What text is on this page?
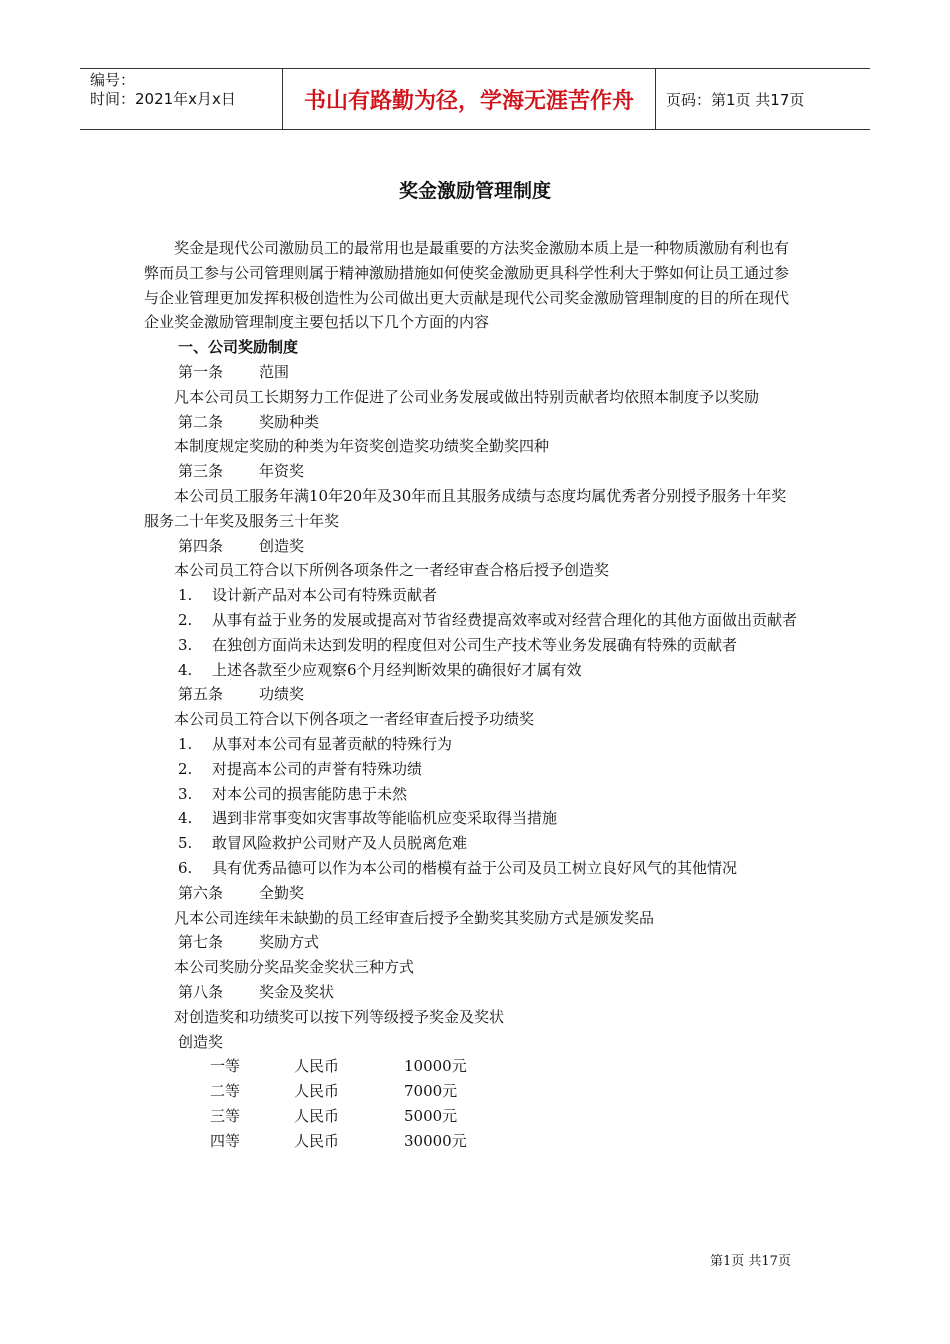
编号：
时间：2021年x月x日	书山有路勤为径，学海无涯苦作舟	页码：第1页 共17页
奖金激励管理制度

奖金是现代公司激励员工的最常用也是最重要的方法奖金激励本质上是一种物质激励有利也有弊而员工参与公司管理则属于精神激励措施如何使奖金激励更具科学性利大于弊如何让员工通过参与企业管理更加发挥积极创造性为公司做出更大贡献是现代公司奖金激励管理制度的目的所在现代企业奖金激励管理制度主要包括以下几个方面的内容

一、公司奖励制度

第一条 范围

凡本公司员工长期努力工作促进了公司业务发展或做出特别贡献者均依照本制度予以奖励

第二条 奖励种类

本制度规定奖励的种类为年资奖创造奖功绩奖全勤奖四种

第三条 年资奖

本公司员工服务年满10年20年及30年而且其服务成绩与态度均属优秀者分别授予服务十年奖服务二十年奖及服务三十年奖

第四条 创造奖

本公司员工符合以下所例各项条件之一者经审查合格后授予创造奖

1.	设计新产品对本公司有特殊贡献者
2.	从事有益于业务的发展或提高对节省经费提高效率或对经营合理化的其他方面做出贡献者
3.	在独创方面尚未达到发明的程度但对公司生产技术等业务发展确有特殊的贡献者
4.	上述各款至少应观察6个月经判断效果的确很好才属有效

第五条 功绩奖

本公司员工符合以下例各项之一者经审查后授予功绩奖

1.	从事对本公司有显著贡献的特殊行为
2.	对提高本公司的声誉有特殊功绩
3.	对本公司的损害能防患于未然
4.	遇到非常事变如灾害事故等能临机应变采取得当措施
5.	敢冒风险救护公司财产及人员脱离危难
6.	具有优秀品德可以作为本公司的楷模有益于公司及员工树立良好风气的其他情况

第六条 全勤奖

凡本公司连续年未缺勤的员工经审查后授予全勤奖其奖励方式是颁发奖品

第七条 奖励方式

本公司奖励分奖品奖金奖状三种方式

第八条 奖金及奖状

对创造奖和功绩奖可以按下列等级授予奖金及奖状

创造奖

一等	人民币	10000元
二等	人民币	7000元
三等	人民币	5000元
四等	人民币	30000元
第1页 共17页
